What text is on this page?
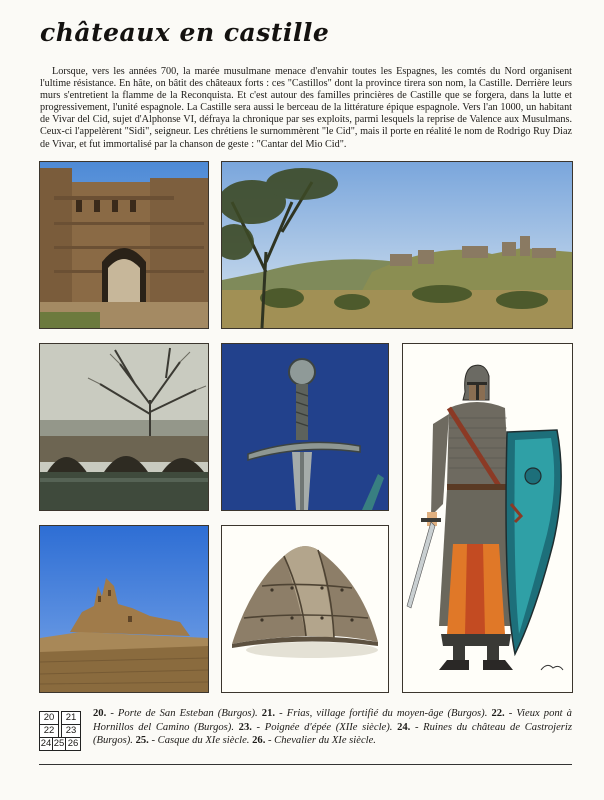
châteaux en castille

Lorsque, vers les années 700, la marée musulmane menace d'envahir toutes les Espagnes, les comtés du Nord organisent l'ultime résistance. En hâte, on bâtit des châteaux forts : ces "Castillos" dont la province tirera son nom, la Castille. Derrière leurs murs s'entretient la flamme de la Reconquista. Et c'est autour des familles princières de Castille que se forgera, dans la lutte et progressivement, l'unité espagnole. La Castille sera aussi le berceau de la littérature épique espagnole. Vers l'an 1000, un habitant de Vivar del Cid, sujet d'Alphonse VI, défraya la chronique par ses exploits, parmi lesquels la reprise de Valence aux Musulmans. Ceux-ci l'appelèrent "Sidi", seigneur. Les chrétiens le surnommèrent "le Cid", mais il porte en réalité le nom de Rodrigo Ruy Diaz de Vivar, et fut immortalisé par la chanson de geste : "Cantar del Mio Cid".

20	21
22	23
24 25 26
20. - Porte de San Esteban (Burgos). 21. - Frias, village fortifié du moyen-âge (Burgos). 22. - Vieux pont à Hornillos del Camino (Burgos). 23. - Poignée d'épée (XIIe siècle). 24. - Ruines du château de Castrojeriz (Burgos). 25. - Casque du XIe siècle. 26. - Chevalier du XIe siècle.
